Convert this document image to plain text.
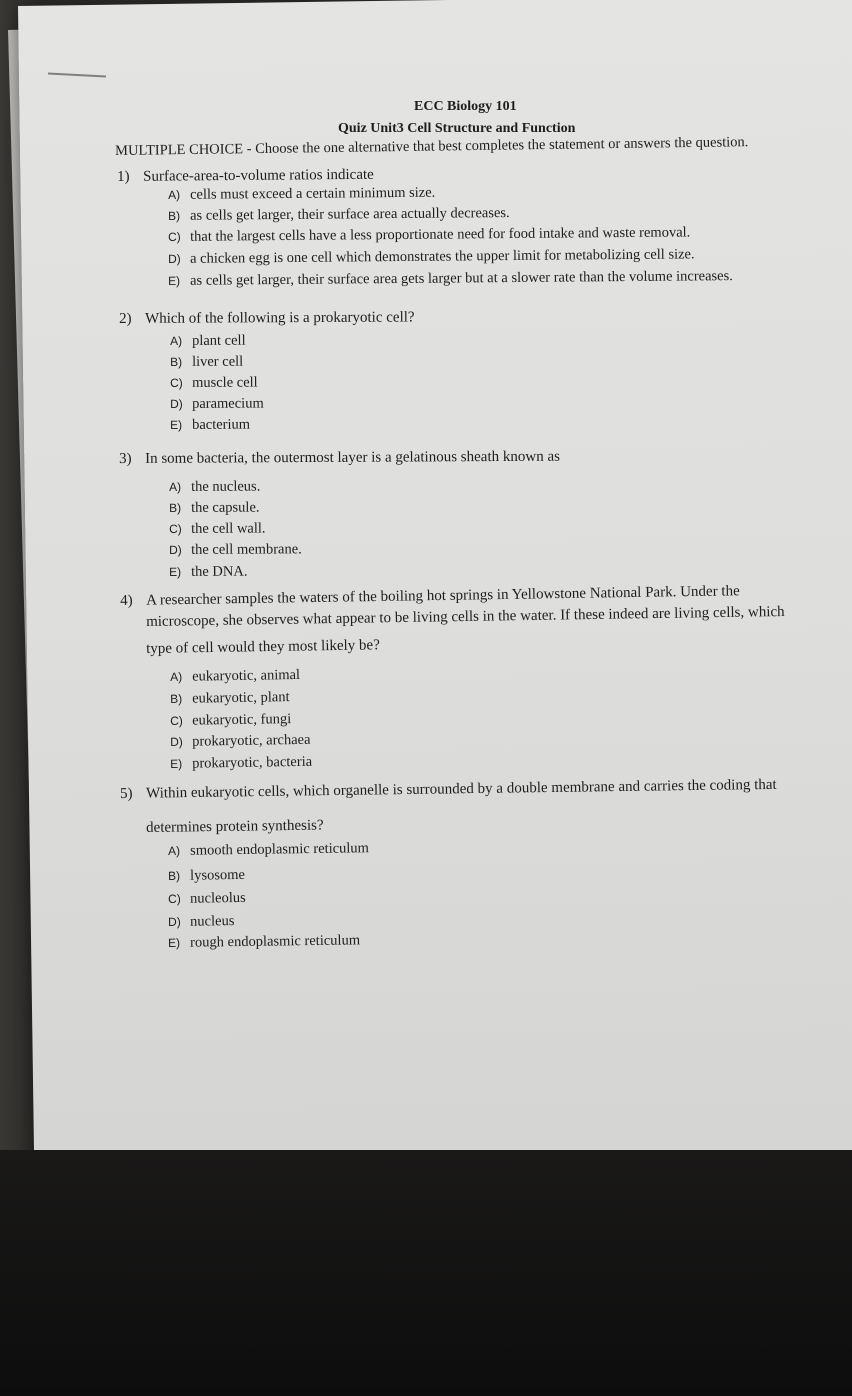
ECC Biology 101
Quiz Unit3 Cell Structure and Function
MULTIPLE CHOICE - Choose the one alternative that best completes the statement or answers the question.
1) Surface-area-to-volume ratios indicate
A) cells must exceed a certain minimum size.
B) as cells get larger, their surface area actually decreases.
C) that the largest cells have a less proportionate need for food intake and waste removal.
D) a chicken egg is one cell which demonstrates the upper limit for metabolizing cell size.
E) as cells get larger, their surface area gets larger but at a slower rate than the volume increases.
2) Which of the following is a prokaryotic cell?
A) plant cell
B) liver cell
C) muscle cell
D) paramecium
E) bacterium
3) In some bacteria, the outermost layer is a gelatinous sheath known as
A) the nucleus.
B) the capsule.
C) the cell wall.
D) the cell membrane.
E) the DNA.
4) A researcher samples the waters of the boiling hot springs in Yellowstone National Park. Under the
microscope, she observes what appear to be living cells in the water. If these indeed are living cells, which
type of cell would they most likely be?
A) eukaryotic, animal
B) eukaryotic, plant
C) eukaryotic, fungi
D) prokaryotic, archaea
E) prokaryotic, bacteria
5) Within eukaryotic cells, which organelle is surrounded by a double membrane and carries the coding that
determines protein synthesis?
A) smooth endoplasmic reticulum
B) lysosome
C) nucleolus
D) nucleus
E) rough endoplasmic reticulum
